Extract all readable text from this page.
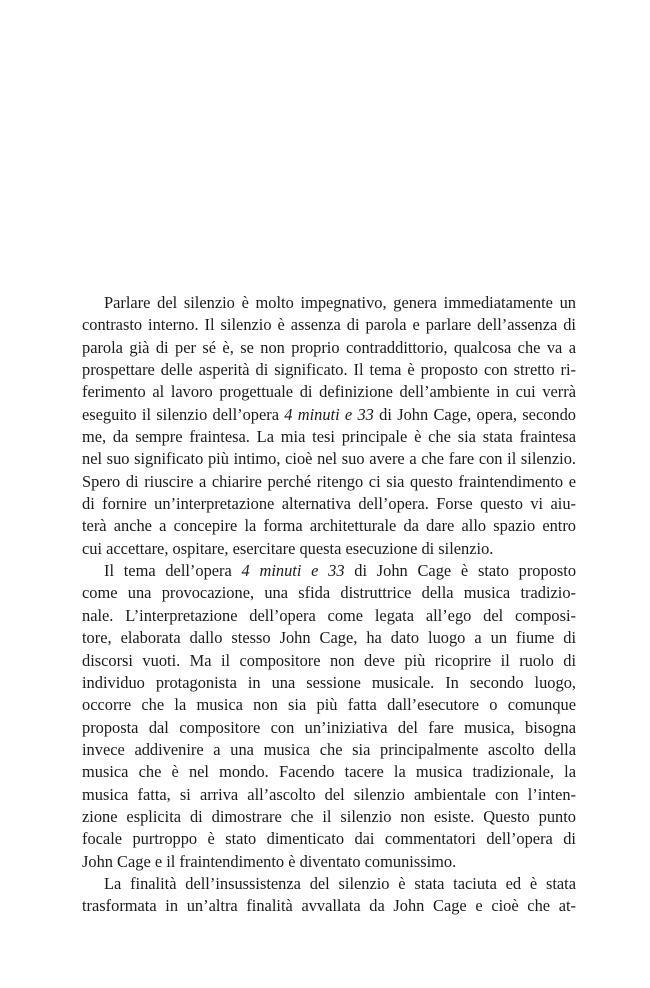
Parlare del silenzio è molto impegnativo, genera immediatamente un
contrasto interno. Il silenzio è assenza di parola e parlare dell’assenza di
parola già di per sé è, se non proprio contraddittorio, qualcosa che va a
prospettare delle asperità di significato. Il tema è proposto con stretto ri-
ferimento al lavoro progettuale di definizione dell’ambiente in cui verrà
eseguito il silenzio dell’opera 4 minuti e 33 di John Cage, opera, secondo
me, da sempre fraintesa. La mia tesi principale è che sia stata fraintesa
nel suo significato più intimo, cioè nel suo avere a che fare con il silenzio.
Spero di riuscire a chiarire perché ritengo ci sia questo fraintendimento e
di fornire un’interpretazione alternativa dell’opera. Forse questo vi aiu-
terà anche a concepire la forma architetturale da dare allo spazio entro
cui accettare, ospitare, esercitare questa esecuzione di silenzio.
Il tema dell’opera 4 minuti e 33 di John Cage è stato proposto
come una provocazione, una sfida distruttrice della musica tradizio-
nale. L’interpretazione dell’opera come legata all’ego del composi-
tore, elaborata dallo stesso John Cage, ha dato luogo a un fiume di
discorsi vuoti. Ma il compositore non deve più ricoprire il ruolo di
individuo protagonista in una sessione musicale. In secondo luogo,
occorre che la musica non sia più fatta dall’esecutore o comunque
proposta dal compositore con un’iniziativa del fare musica, bisogna
invece addivenire a una musica che sia principalmente ascolto della
musica che è nel mondo. Facendo tacere la musica tradizionale, la
musica fatta, si arriva all’ascolto del silenzio ambientale con l’inten-
zione esplicita di dimostrare che il silenzio non esiste. Questo punto
focale purtroppo è stato dimenticato dai commentatori dell’opera di
John Cage e il fraintendimento è diventato comunissimo.
La finalità dell’insussistenza del silenzio è stata taciuta ed è stata
trasformata in un’altra finalità avvallata da John Cage e cioè che at-
